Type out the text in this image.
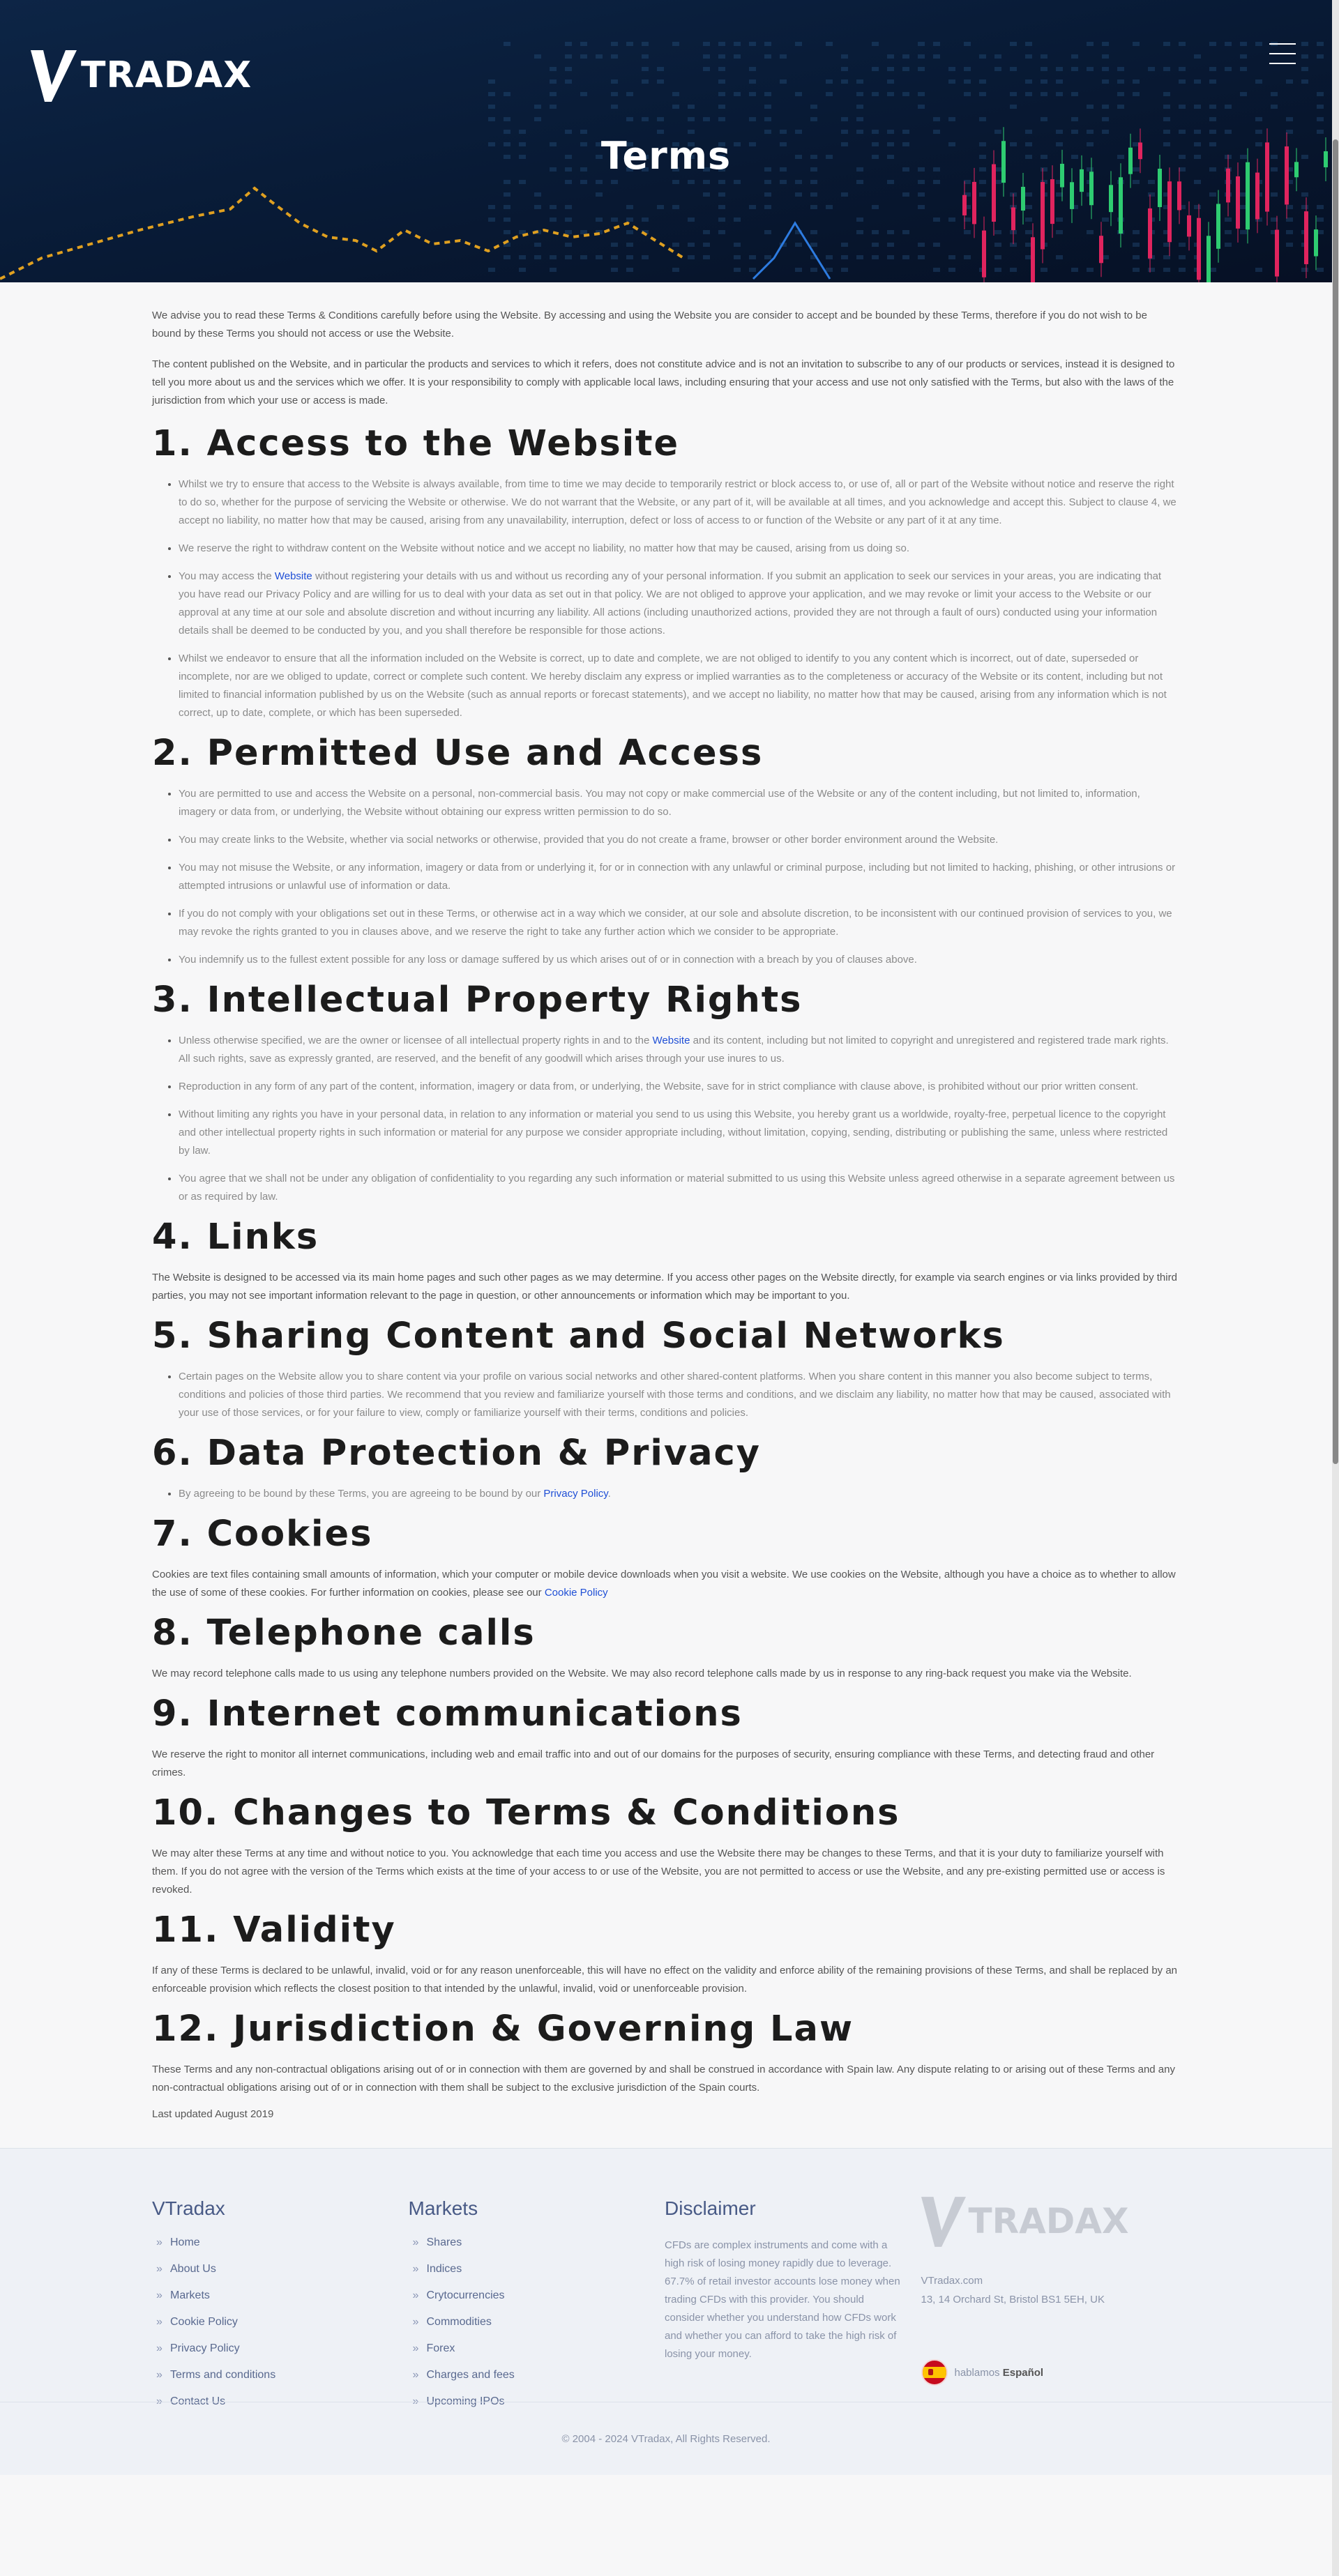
TRADAX
Terms

We advise you to read these Terms & Conditions carefully before using the Website. By accessing and using the Website you are consider to accept and be bounded by these Terms, therefore if you do not wish to be bound by these Terms you should not access or use the Website.

The content published on the Website, and in particular the products and services to which it refers, does not constitute advice and is not an invitation to subscribe to any of our products or services, instead it is designed to tell you more about us and the services which we offer. It is your responsibility to comply with applicable local laws, including ensuring that your access and use not only satisfied with the Terms, but also with the laws of the jurisdiction from which your use or access is made.

1. Access to the Website
• Whilst we try to ensure that access to the Website is always available, from time to time we may decide to temporarily restrict or block access to, or use of, all or part of the Website without notice and reserve the right to do so, whether for the purpose of servicing the Website or otherwise. We do not warrant that the Website, or any part of it, will be available at all times, and you acknowledge and accept this. Subject to clause 4, we accept no liability, no matter how that may be caused, arising from any unavailability, interruption, defect or loss of access to or function of the Website or any part of it at any time.
• We reserve the right to withdraw content on the Website without notice and we accept no liability, no matter how that may be caused, arising from us doing so.
• You may access the Website without registering your details with us and without us recording any of your personal information. If you submit an application to seek our services in your areas, you are indicating that you have read our Privacy Policy and are willing for us to deal with your data as set out in that policy. We are not obliged to approve your application, and we may revoke or limit your access to the Website or our approval at any time at our sole and absolute discretion and without incurring any liability. All actions (including unauthorized actions, provided they are not through a fault of ours) conducted using your information details shall be deemed to be conducted by you, and you shall therefore be responsible for those actions.
• Whilst we endeavor to ensure that all the information included on the Website is correct, up to date and complete, we are not obliged to identify to you any content which is incorrect, out of date, superseded or incomplete, nor are we obliged to update, correct or complete such content. We hereby disclaim any express or implied warranties as to the completeness or accuracy of the Website or its content, including but not limited to financial information published by us on the Website (such as annual reports or forecast statements), and we accept no liability, no matter how that may be caused, arising from any information which is not correct, up to date, complete, or which has been superseded.
2. Permitted Use and Access
• You are permitted to use and access the Website on a personal, non-commercial basis. You may not copy or make commercial use of the Website or any of the content including, but not limited to, information, imagery or data from, or underlying, the Website without obtaining our express written permission to do so.
• You may create links to the Website, whether via social networks or otherwise, provided that you do not create a frame, browser or other border environment around the Website.
• You may not misuse the Website, or any information, imagery or data from or underlying it, for or in connection with any unlawful or criminal purpose, including but not limited to hacking, phishing, or other intrusions or attempted intrusions or unlawful use of information or data.
• If you do not comply with your obligations set out in these Terms, or otherwise act in a way which we consider, at our sole and absolute discretion, to be inconsistent with our continued provision of services to you, we may revoke the rights granted to you in clauses above, and we reserve the right to take any further action which we consider to be appropriate.
• You indemnify us to the fullest extent possible for any loss or damage suffered by us which arises out of or in connection with a breach by you of clauses above.
3. Intellectual Property Rights
• Unless otherwise specified, we are the owner or licensee of all intellectual property rights in and to the Website and its content, including but not limited to copyright and unregistered and registered trade mark rights. All such rights, save as expressly granted, are reserved, and the benefit of any goodwill which arises through your use inures to us.
• Reproduction in any form of any part of the content, information, imagery or data from, or underlying, the Website, save for in strict compliance with clause above, is prohibited without our prior written consent.
• Without limiting any rights you have in your personal data, in relation to any information or material you send to us using this Website, you hereby grant us a worldwide, royalty-free, perpetual licence to the copyright and other intellectual property rights in such information or material for any purpose we consider appropriate including, without limitation, copying, sending, distributing or publishing the same, unless where restricted by law.
• You agree that we shall not be under any obligation of confidentiality to you regarding any such information or material submitted to us using this Website unless agreed otherwise in a separate agreement between us or as required by law.
4. Links

The Website is designed to be accessed via its main home pages and such other pages as we may determine. If you access other pages on the Website directly, for example via search engines or via links provided by third parties, you may not see important information relevant to the page in question, or other announcements or information which may be important to you.

5. Sharing Content and Social Networks
• Certain pages on the Website allow you to share content via your profile on various social networks and other shared-content platforms. When you share content in this manner you also become subject to terms, conditions and policies of those third parties. We recommend that you review and familiarize yourself with those terms and conditions, and we disclaim any liability, no matter how that may be caused, associated with your use of those services, or for your failure to view, comply or familiarize yourself with their terms, conditions and policies.
6. Data Protection & Privacy
• By agreeing to be bound by these Terms, you are agreeing to be bound by our Privacy Policy.
7. Cookies

Cookies are text files containing small amounts of information, which your computer or mobile device downloads when you visit a website. We use cookies on the Website, although you have a choice as to whether to allow the use of some of these cookies. For further information on cookies, please see our Cookie Policy

8. Telephone calls

We may record telephone calls made to us using any telephone numbers provided on the Website. We may also record telephone calls made by us in response to any ring-back request you make via the Website.

9. Internet communications

We reserve the right to monitor all internet communications, including web and email traffic into and out of our domains for the purposes of security, ensuring compliance with these Terms, and detecting fraud and other crimes.

10. Changes to Terms & Conditions

We may alter these Terms at any time and without notice to you. You acknowledge that each time you access and use the Website there may be changes to these Terms, and that it is your duty to familiarize yourself with them. If you do not agree with the version of the Terms which exists at the time of your access to or use of the Website, you are not permitted to access or use the Website, and any pre-existing permitted use or access is revoked.

11. Validity

If any of these Terms is declared to be unlawful, invalid, void or for any reason unenforceable, this will have no effect on the validity and enforce ability of the remaining provisions of these Terms, and shall be replaced by an enforceable provision which reflects the closest position to that intended by the unlawful, invalid, void or unenforceable provision.

12. Jurisdiction & Governing Law

These Terms and any non-contractual obligations arising out of or in connection with them are governed by and shall be construed in accordance with Spain law. Any dispute relating to or arising out of these Terms and any non-contractual obligations arising out of or in connection with them shall be subject to the exclusive jurisdiction of the Spain courts.

Last updated August 2019

VTradax
» Home
» About Us
» Markets
» Cookie Policy
» Privacy Policy
» Terms and conditions
» Contact Us
Markets
» Shares
» Indices
» Crytocurrencies
» Commodities
» Forex
» Charges and fees
» Upcoming IPOs
Disclaimer

CFDs are complex instruments and come with a high risk of losing money rapidly due to leverage. 67.7% of retail investor accounts lose money when trading CFDs with this provider. You should consider whether you understand how CFDs work and whether you can afford to take the high risk of losing your money.

TRADAX
VTradax.com
13, 14 Orchard St, Bristol BS1 5EH, UK
hablamos Español
© 2004 - 2024 VTradax, All Rights Reserved.
